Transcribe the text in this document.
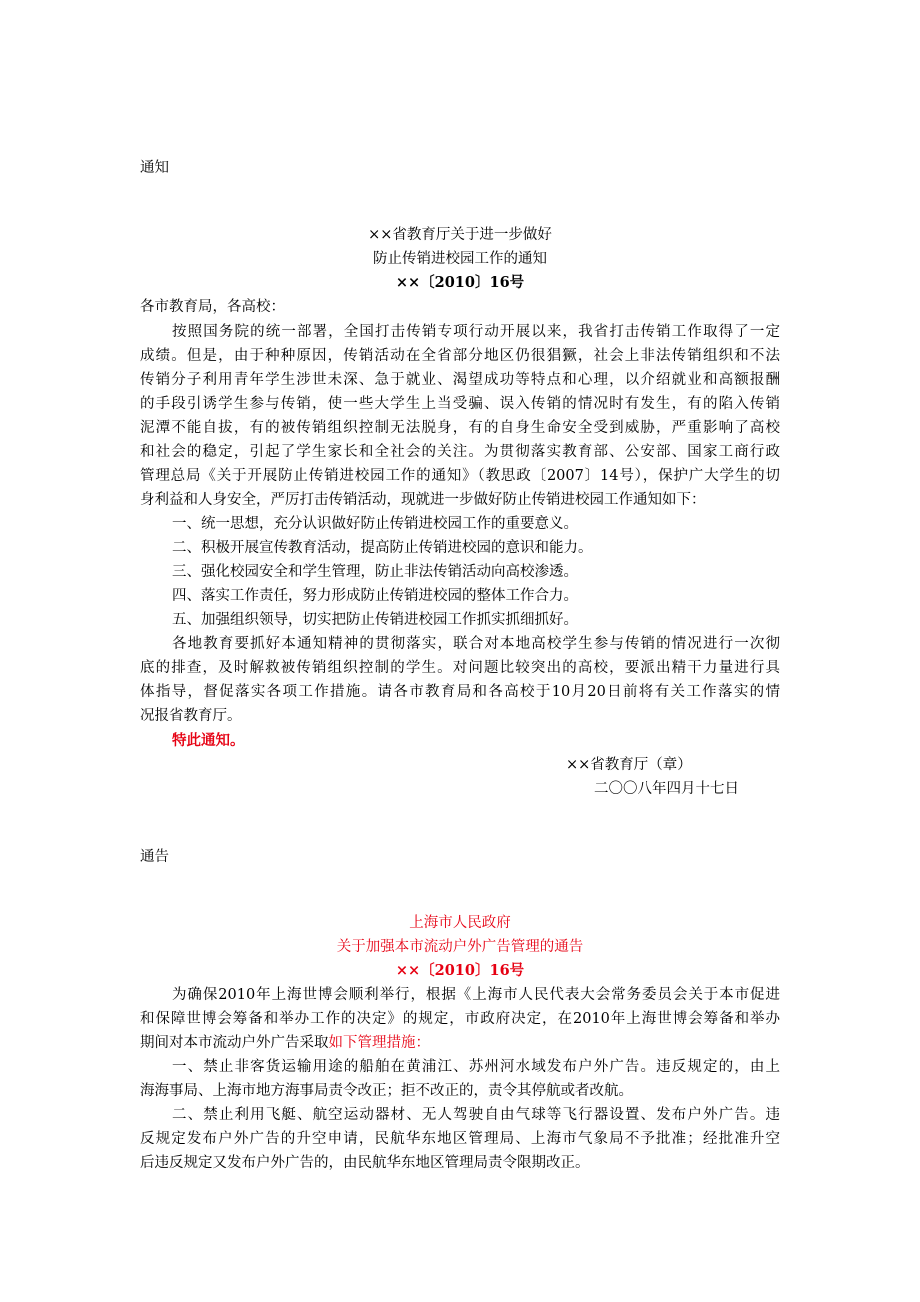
通知
××省教育厅关于进一步做好
防止传销进校园工作的通知
××〔2010〕16号
各市教育局，各高校：
按照国务院的统一部署，全国打击传销专项行动开展以来，我省打击传销工作取得了一定
成绩。但是，由于种种原因，传销活动在全省部分地区仍很猖獗，社会上非法传销组织和不法
传销分子利用青年学生涉世未深、急于就业、渴望成功等特点和心理，以介绍就业和高额报酬
的手段引诱学生参与传销，使一些大学生上当受骗、误入传销的情况时有发生，有的陷入传销
泥潭不能自拔，有的被传销组织控制无法脱身，有的自身生命安全受到威胁，严重影响了高校
和社会的稳定，引起了学生家长和全社会的关注。为贯彻落实教育部、公安部、国家工商行政
管理总局《关于开展防止传销进校园工作的通知》（教思政〔2007〕14号），保护广大学生的切
身利益和人身安全，严厉打击传销活动，现就进一步做好防止传销进校园工作通知如下：
一、统一思想，充分认识做好防止传销进校园工作的重要意义。
二、积极开展宣传教育活动，提高防止传销进校园的意识和能力。
三、强化校园安全和学生管理，防止非法传销活动向高校渗透。
四、落实工作责任，努力形成防止传销进校园的整体工作合力。
五、加强组织领导，切实把防止传销进校园工作抓实抓细抓好。
各地教育要抓好本通知精神的贯彻落实，联合对本地高校学生参与传销的情况进行一次彻
底的排查，及时解救被传销组织控制的学生。对问题比较突出的高校，要派出精干力量进行具
体指导，督促落实各项工作措施。请各市教育局和各高校于10月20日前将有关工作落实的情
况报省教育厅。
特此通知。
××省教育厅（章）
二〇〇八年四月十七日
通告
上海市人民政府
关于加强本市流动户外广告管理的通告
××〔2010〕16号
为确保2010年上海世博会顺利举行，根据《上海市人民代表大会常务委员会关于本市促进
和保障世博会筹备和举办工作的决定》的规定，市政府决定，在2010年上海世博会筹备和举办
期间对本市流动户外广告采取如下管理措施：
一、禁止非客货运输用途的船舶在黄浦江、苏州河水域发布户外广告。违反规定的，由上
海海事局、上海市地方海事局责令改正；拒不改正的，责令其停航或者改航。
二、禁止利用飞艇、航空运动器材、无人驾驶自由气球等飞行器设置、发布户外广告。违
反规定发布户外广告的升空申请，民航华东地区管理局、上海市气象局不予批准；经批准升空
后违反规定又发布户外广告的，由民航华东地区管理局责令限期改正。
